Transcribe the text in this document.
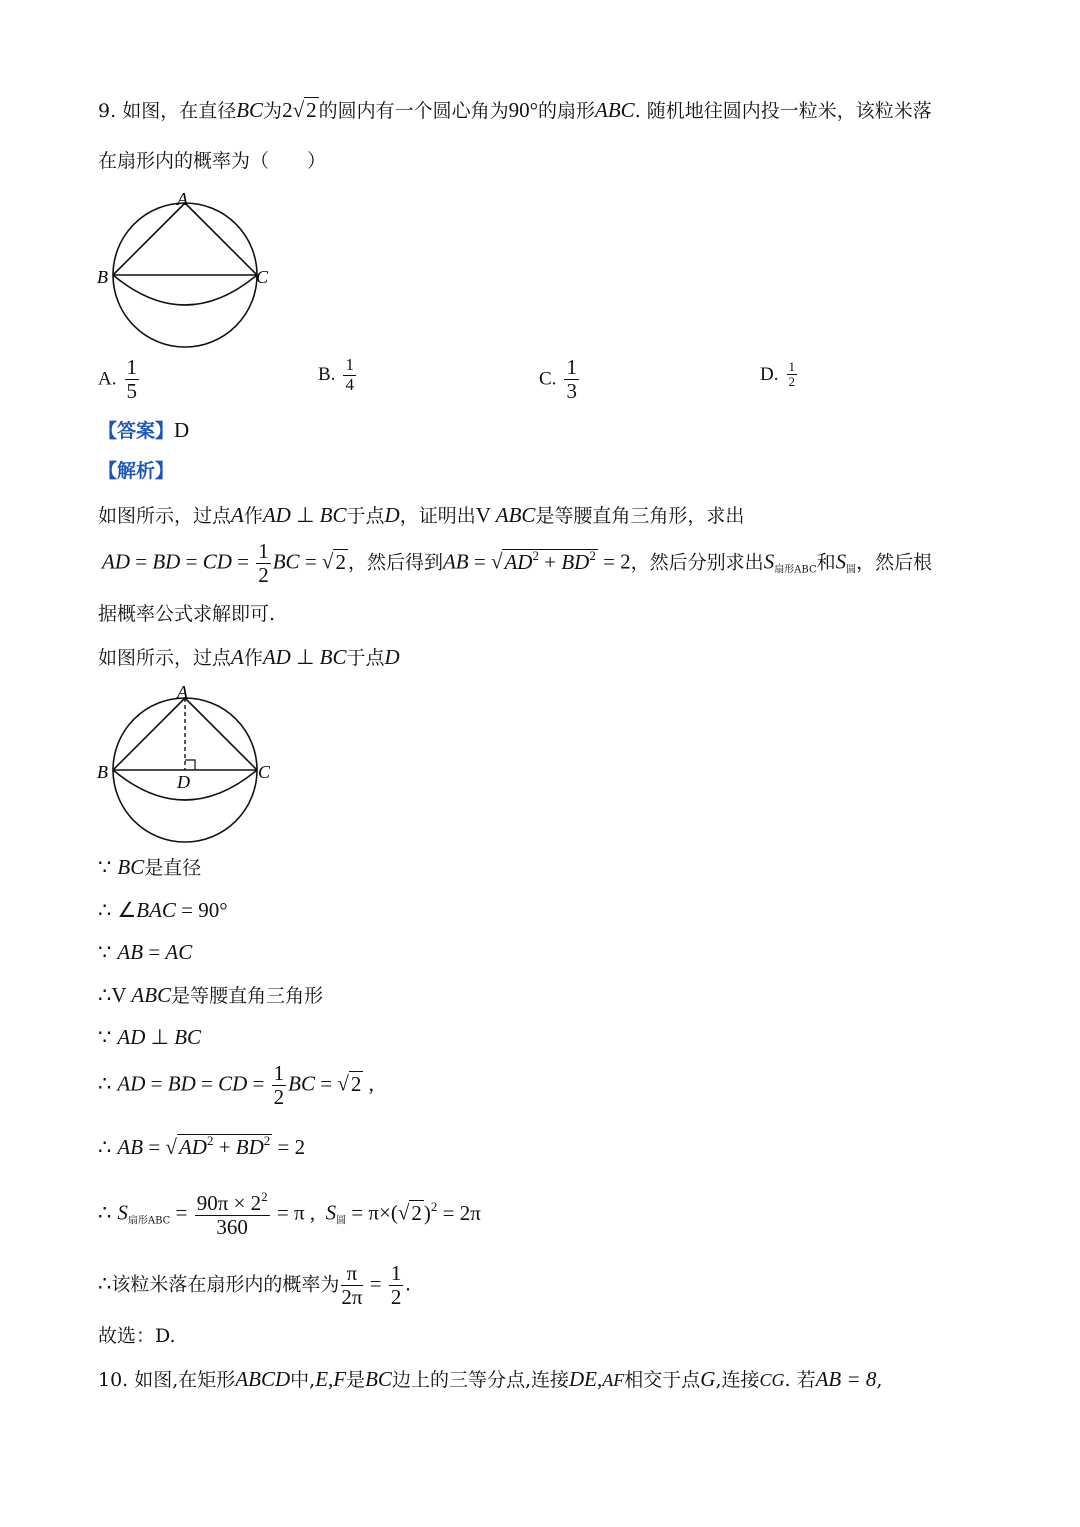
9. 如图，在直径BC为2√2 的圆内有一个圆心角为90°的扇形ABC. 随机地往圆内投一粒米，该粒米落
在扇形内的概率为（　　）
A
B	C
A. $\frac{1}{5}$	B. $\frac{1}{4}$	C. $\frac{1}{3}$	D. $\frac{1}{2}$
【答案】D
【解析】
如图所示，过点A作AD ⊥ BC于点D，证明出V ABC是等腰直角三角形，求出
AD = BD = CD = $\frac{1}{2}$ BC = √2 ，然后得到AB = $√AD^2 + BD^2 = 2$，然后分别求出$S_{扇形ABC}$和$S_圆$，然后根
据概率公式求解即可.
如图所示，过点A作AD ⊥ BC于点D
A
B	C
D
∵ BC是直径
∴ ∠BAC = 90°
∵ AB = AC
∴V ABC是等腰直角三角形
∵ AD ⊥ BC
∴ AD = BD = CD = $\frac{1}{2}$ BC = √2 ,
∴ AB = $√AD^2 + BD^2 = 2$
∴ $S_{扇形ABC} = \frac{90\pi \times 2^2}{360} = \pi$ ,  $S_圆 = \pi\times(√2)^2 = 2\pi$
∴该粒米落在扇形内的概率为 $\frac{\pi}{2\pi} = \frac{1}{2}$ .
故选：D.
10. 如图,在矩形ABCD中,E,F是BC边上的三等分点,连接DE,AF相交于点G,连接CG. 若AB = 8,
